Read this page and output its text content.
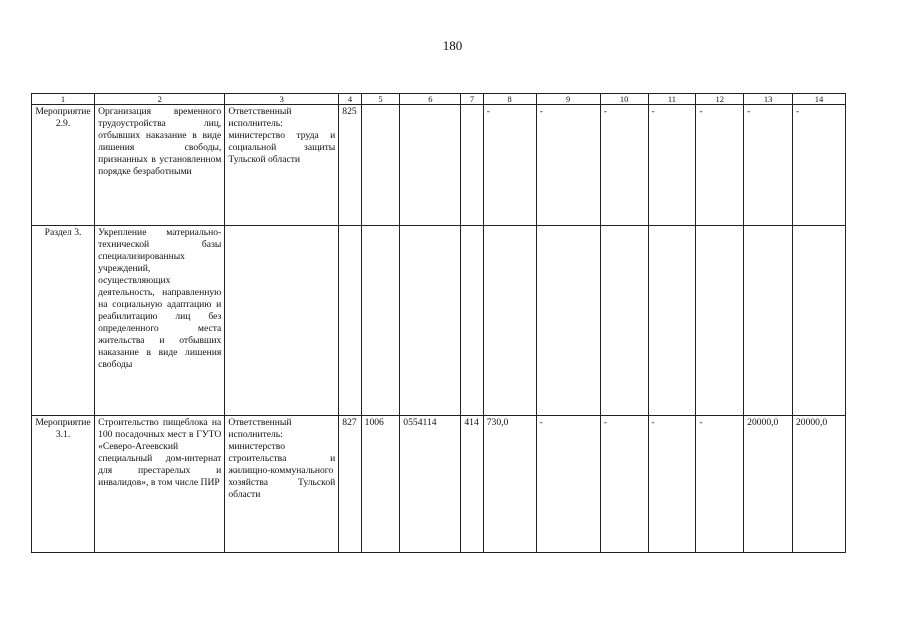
180
1	2	3	4	5	6	7	8	9	10	11	12	13	14
Мероприятие 2.9.	Организация временного трудоустройства лиц, отбывших наказание в виде лишения свободы, признанных в установленном порядке безработными	Ответственный исполнитель: министерство труда и социальной защиты Тульской области	825				-	-	-	-	-	-	-
Раздел 3.	Укрепление материально-технической базы специализированных учреждений, осуществляющих деятельность, направленную на социальную адаптацию и реабилитацию лиц без определенного места жительства и отбывших наказание в виде лишения свободы												
Мероприятие 3.1.	Строительство пищеблока на 100 посадочных мест в ГУТО «Северо-Агеевский специальный дом-интернат для престарелых и инвалидов», в том числе ПИР	Ответственный исполнитель: министерство строительства и жилищно-коммунального хозяйства Тульской области	827	1006	0554114	414	730,0	-	-	-	-	20000,0	20000,0
